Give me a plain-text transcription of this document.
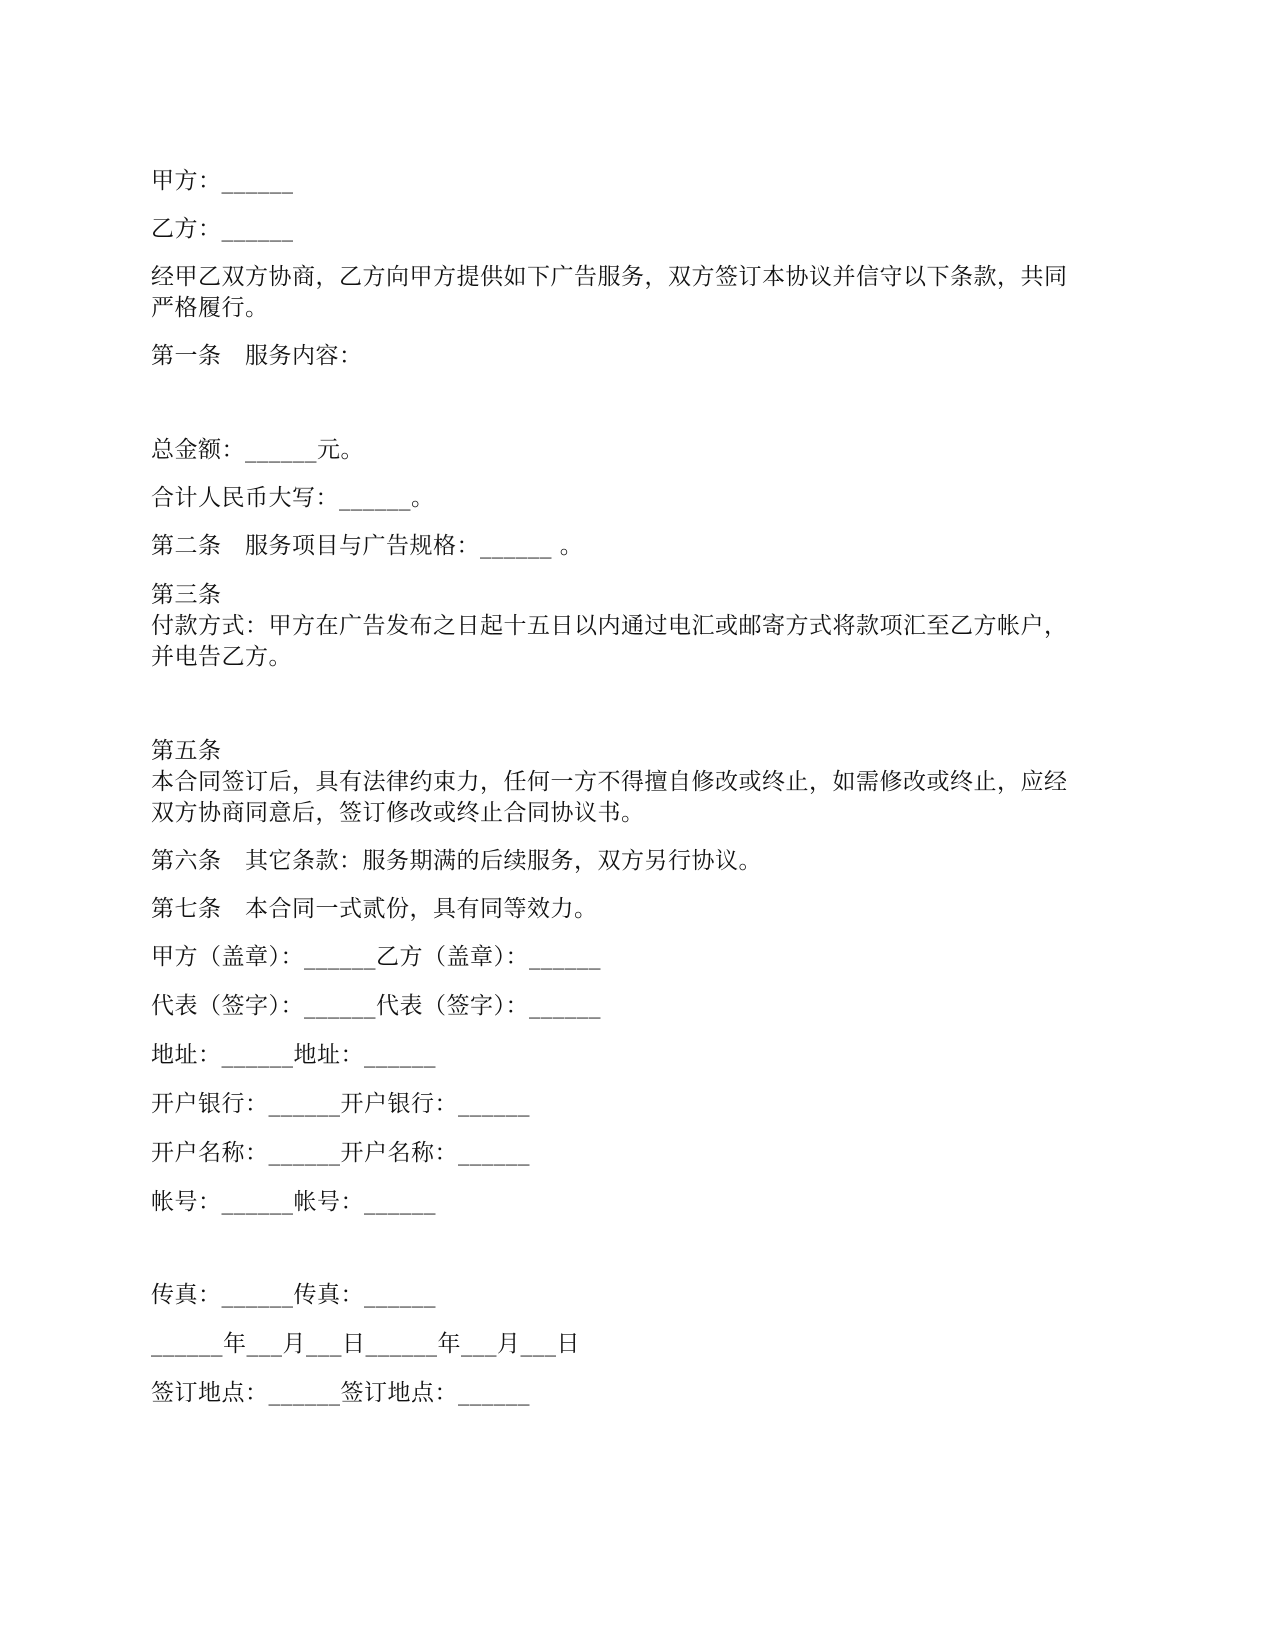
甲方：______
乙方：______
经甲乙双方协商，乙方向甲方提供如下广告服务，双方签订本协议并信守以下条款，共同
严格履行。
第一条　服务内容：
总金额：______元。
合计人民币大写：______。
第二条　服务项目与广告规格：______ 。
第三条
付款方式：甲方在广告发布之日起十五日以内通过电汇或邮寄方式将款项汇至乙方帐户，
并电告乙方。
第五条
本合同签订后，具有法律约束力，任何一方不得擅自修改或终止，如需修改或终止，应经
双方协商同意后，签订修改或终止合同协议书。
第六条　其它条款：服务期满的后续服务，双方另行协议。
第七条　本合同一式贰份，具有同等效力。
甲方（盖章）：______乙方（盖章）：______
代表（签字）：______代表（签字）：______
地址：______地址：______
开户银行：______开户银行：______
开户名称：______开户名称：______
帐号：______帐号：______
传真：______传真：______
______年___月___日______年___月___日
签订地点：______签订地点：______
